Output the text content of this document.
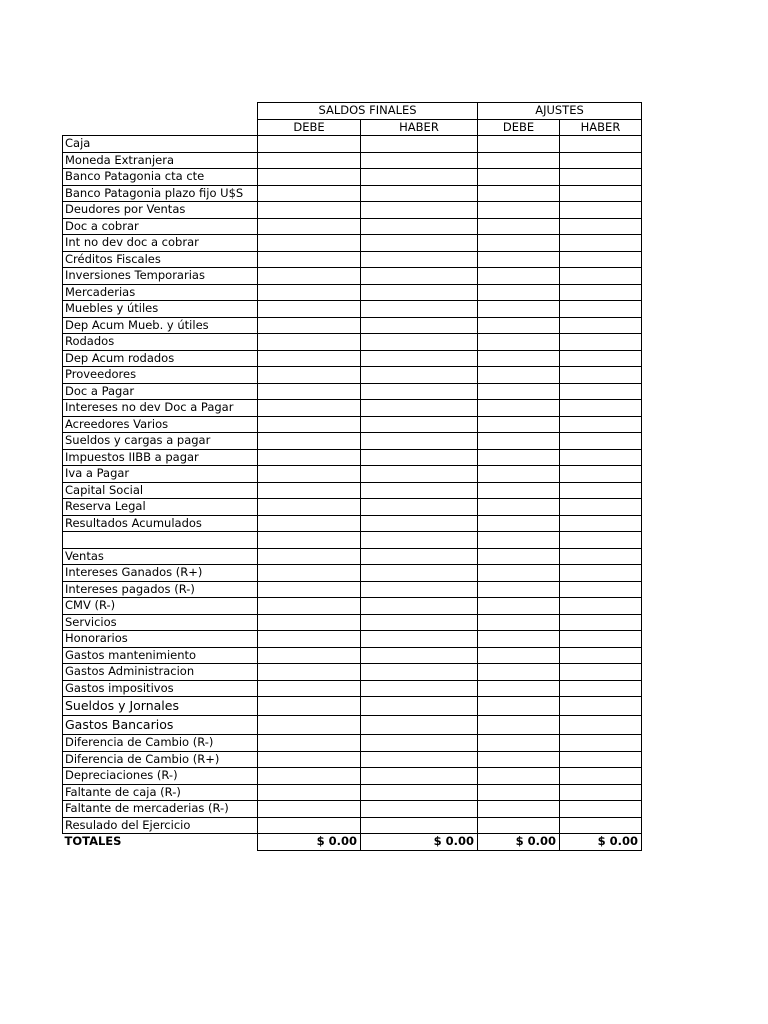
	SALDOS FINALES		AJUSTES	
	DEBE	HABER	DEBE	HABER
Caja				
Moneda Extranjera				
Banco Patagonia cta cte				
Banco Patagonia plazo fijo U$S				
Deudores por Ventas				
Doc a cobrar				
Int no dev doc a cobrar				
Créditos Fiscales				
Inversiones Temporarias				
Mercaderias				
Muebles y útiles				
Dep Acum Mueb. y útiles				
Rodados				
Dep Acum rodados				
Proveedores				
Doc a Pagar				
Intereses no dev Doc a Pagar				
Acreedores Varios				
Sueldos y cargas a pagar				
Impuestos IIBB a pagar				
Iva a Pagar				
Capital Social				
Reserva Legal				
Resultados Acumulados				

Ventas				
Intereses Ganados (R+)				
Intereses pagados (R-)				
CMV (R-)				
Servicios				
Honorarios				
Gastos mantenimiento				
Gastos Administracion				
Gastos impositivos				
Sueldos y Jornales				
Gastos Bancarios				
Diferencia de Cambio (R-)				
Diferencia de Cambio (R+)				
Depreciaciones (R-)				
Faltante de caja (R-)				
Faltante de mercaderias (R-)				
Resulado del Ejercicio				
TOTALES	$ 0.00	$ 0.00	$ 0.00	$ 0.00
